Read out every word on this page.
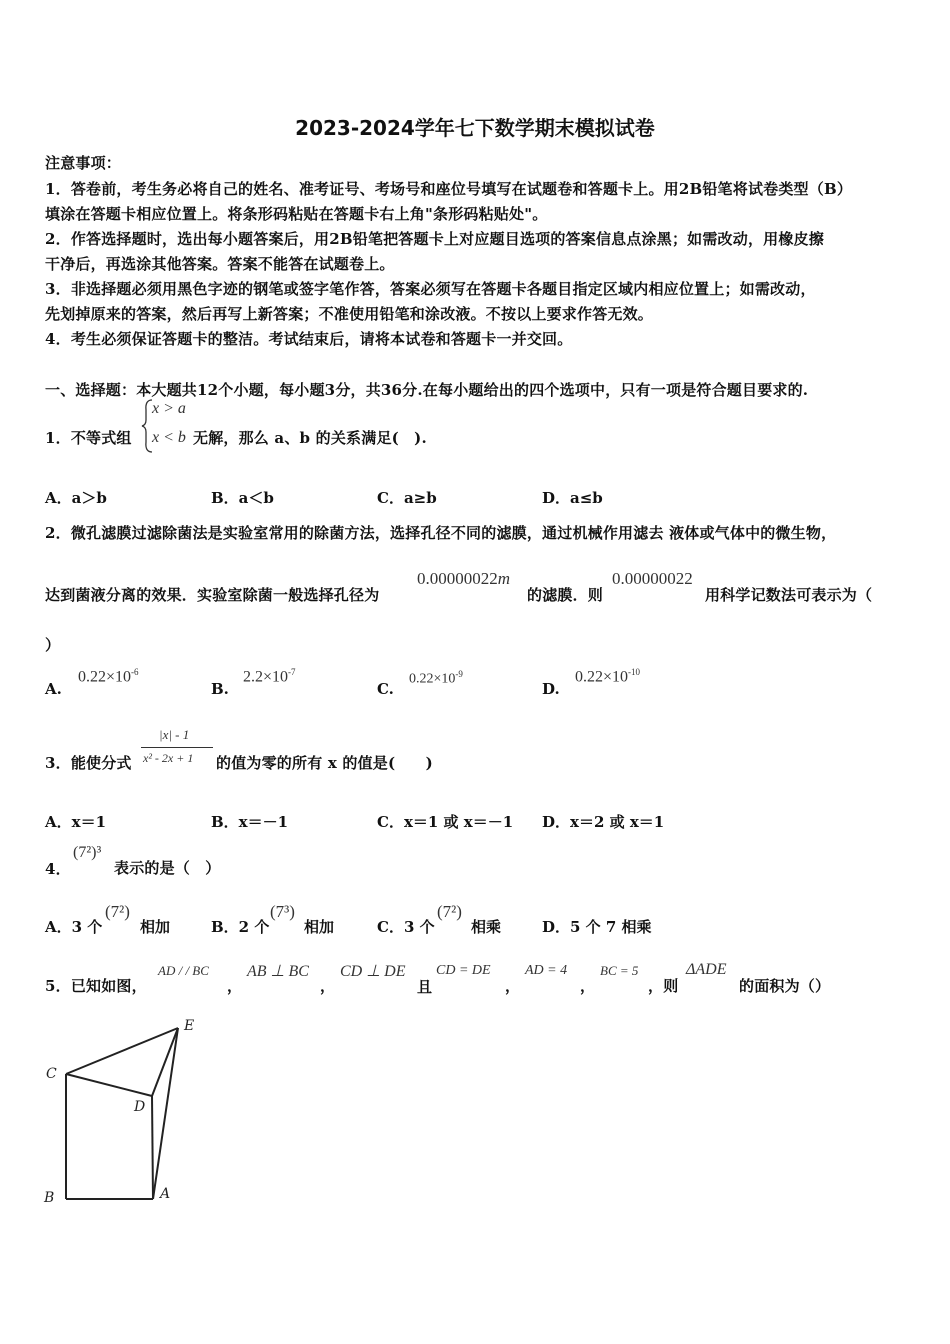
2023-2024学年七下数学期末模拟试卷
注意事项：
1．答卷前，考生务必将自己的姓名、准考证号、考场号和座位号填写在试题卷和答题卡上。用2B铅笔将试卷类型（B）
填涂在答题卡相应位置上。将条形码粘贴在答题卡右上角"条形码粘贴处"。
2．作答选择题时，选出每小题答案后，用2B铅笔把答题卡上对应题目选项的答案信息点涂黑；如需改动，用橡皮擦
干净后，再选涂其他答案。答案不能答在试题卷上。
3．非选择题必须用黑色字迹的钢笔或签字笔作答，答案必须写在答题卡各题目指定区域内相应位置上；如需改动，
先划掉原来的答案，然后再写上新答案；不准使用铅笔和涂改液。不按以上要求作答无效。
4．考生必须保证答题卡的整洁。考试结束后，请将本试卷和答题卡一并交回。
一、选择题：本大题共12个小题，每小题3分，共36分.在每小题给出的四个选项中，只有一项是符合题目要求的.
1．不等式组
x > a
x < b 无解，那么 a、b 的关系满足(　).
A．a＞b	B．a＜b	C．a≥b	D．a≤b
2．微孔滤膜过滤除菌法是实验室常用的除菌方法，选择孔径不同的滤膜，通过机械作用滤去 液体或气体中的微生物，
达到菌液分离的效果．实验室除菌一般选择孔径为
0.00000022m
的滤膜．则
0.00000022
用科学记数法可表示为（
）
A.
$0.22\times 10^{-6}$
B.
$2.2\times 10^{-7}$
C.
$0.22\times 10^{-9}$
D.
$0.22\times 10^{-10}$
3．能使分式
|x| - 1
x² - 2x + 1 的值为零的所有 x 的值是(　　)
A．x＝1	B．x＝－1	C．x＝1 或 x＝－1 D．x＝2 或 x＝1
4．
(7²)³
表示的是（　）
A．3 个
(7²)
相加	B．2 个
(7³)
相加	C．3 个
(7²)
相乘	D．5 个 7 相乘
5．已知如图，
AD / / BC
，
AB ⊥ BC
，
CD ⊥ DE
且
CD = DE
，
AD = 4
，
BC = 5
，则
ΔADE
的面积为（）
C
D
E
B	A
